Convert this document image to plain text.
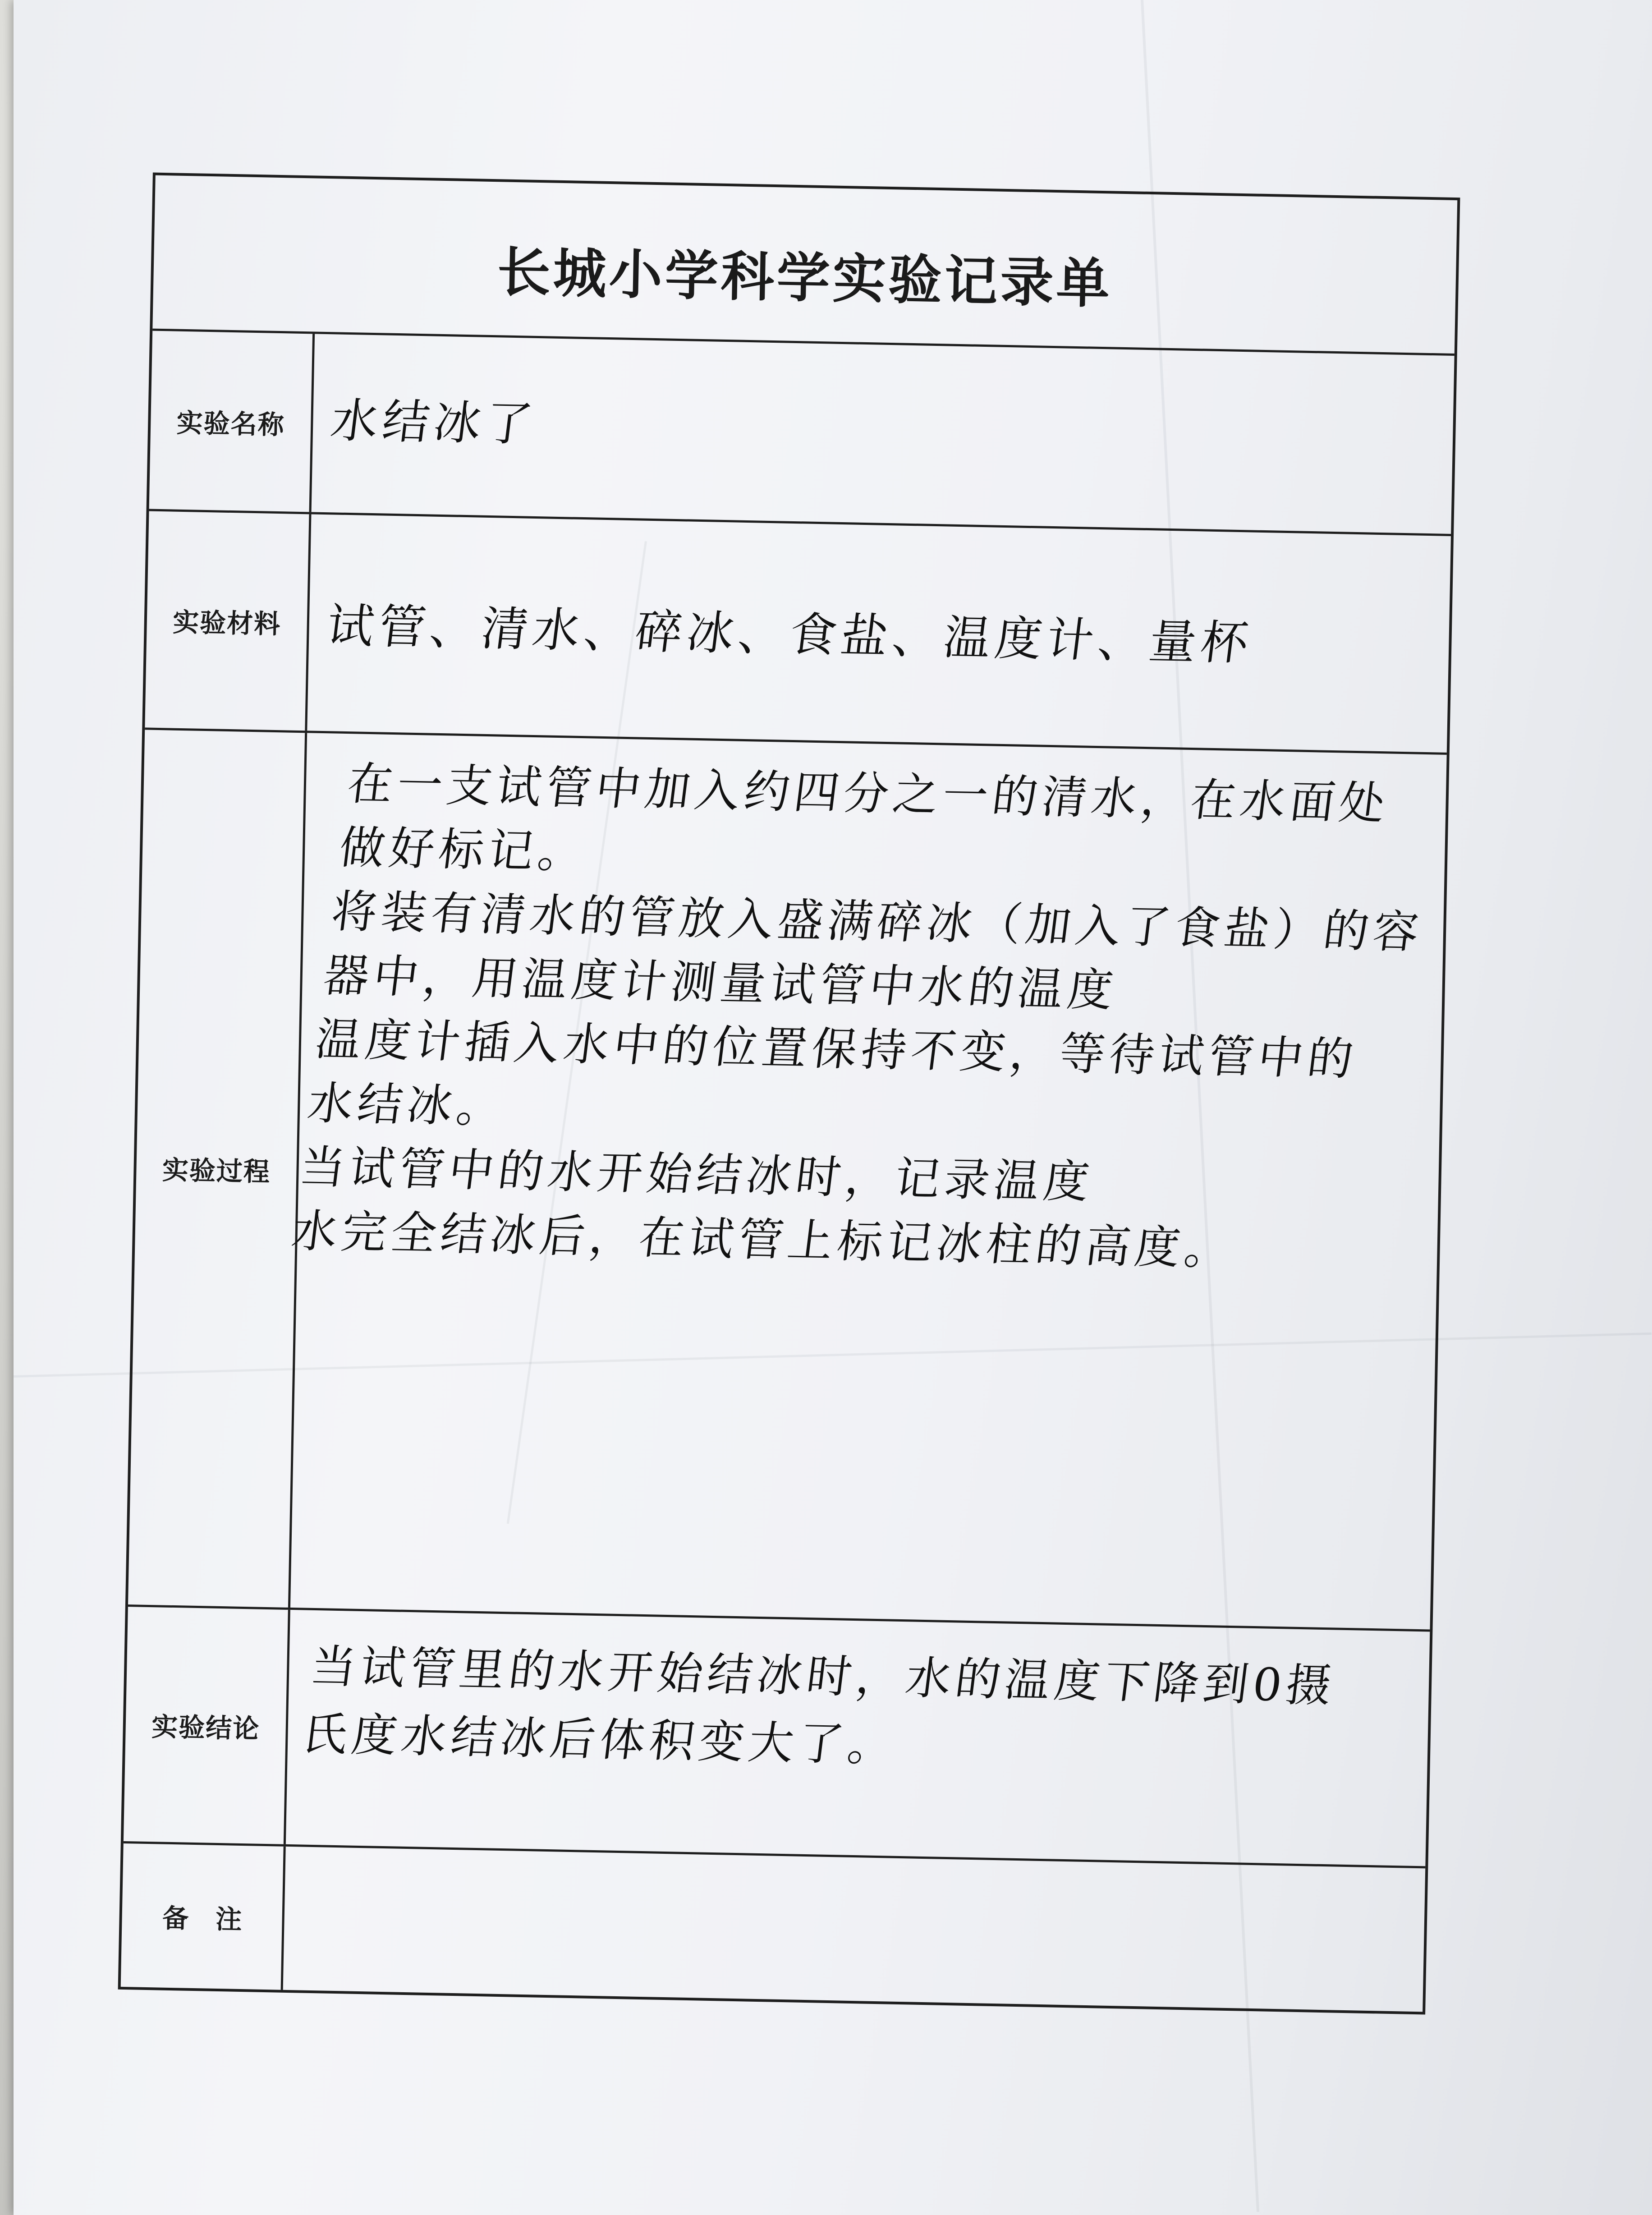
长城小学科学实验记录单
实验名称 水结冰了
实验材料 试管、清水、碎冰、食盐、温度计、量杯
实验过程
在一支试管中加入约四分之一的清水，在水面处
做好标记。
将装有清水的管放入盛满碎冰（加入了食盐）的容
器中，用温度计测量试管中水的温度
温度计插入水中的位置保持不变，等待试管中的
水结冰。
当试管中的水开始结冰时，记录温度
水完全结冰后，在试管上标记冰柱的高度。
实验结论
当试管里的水开始结冰时，水的温度下降到0摄
氏度水结冰后体积变大了。
备注
